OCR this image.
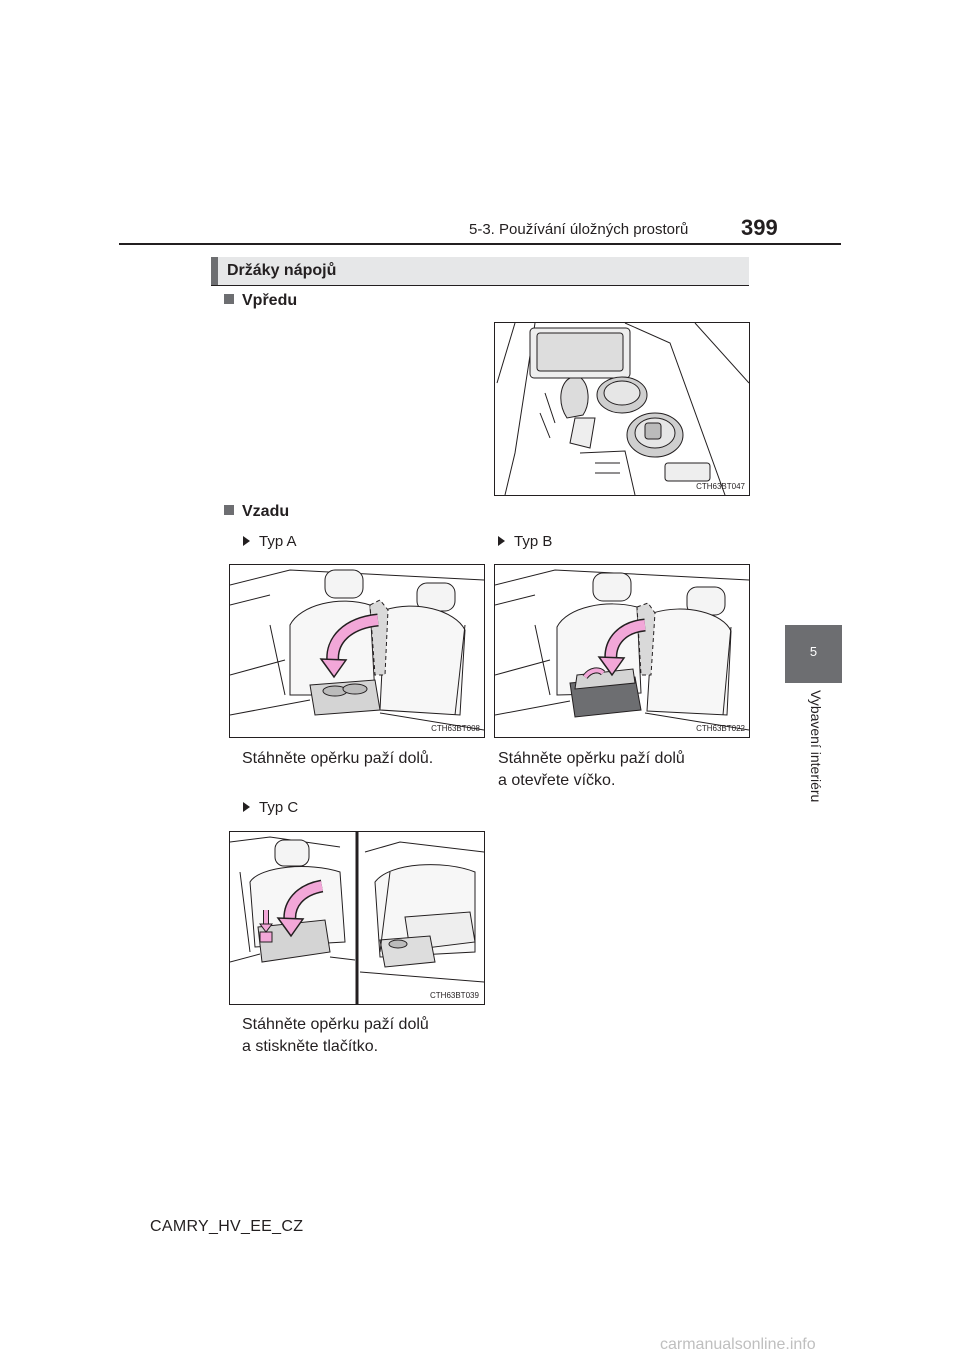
5-3. Používání úložných prostorů 399
5
Vybavení interiéru
Držáky nápojů
Vpředu
CTH63BT047
Vzadu
Typ A
CTH63BT008
Stáhněte opěrku paží dolů.
Typ B
CTH63BT022
Stáhněte opěrku paží dolů
a otevřete víčko.
Typ C
CTH63BT039
Stáhněte opěrku paží dolů
a stiskněte tlačítko.
CAMRY_HV_EE_CZ
carmanualsonline.info
